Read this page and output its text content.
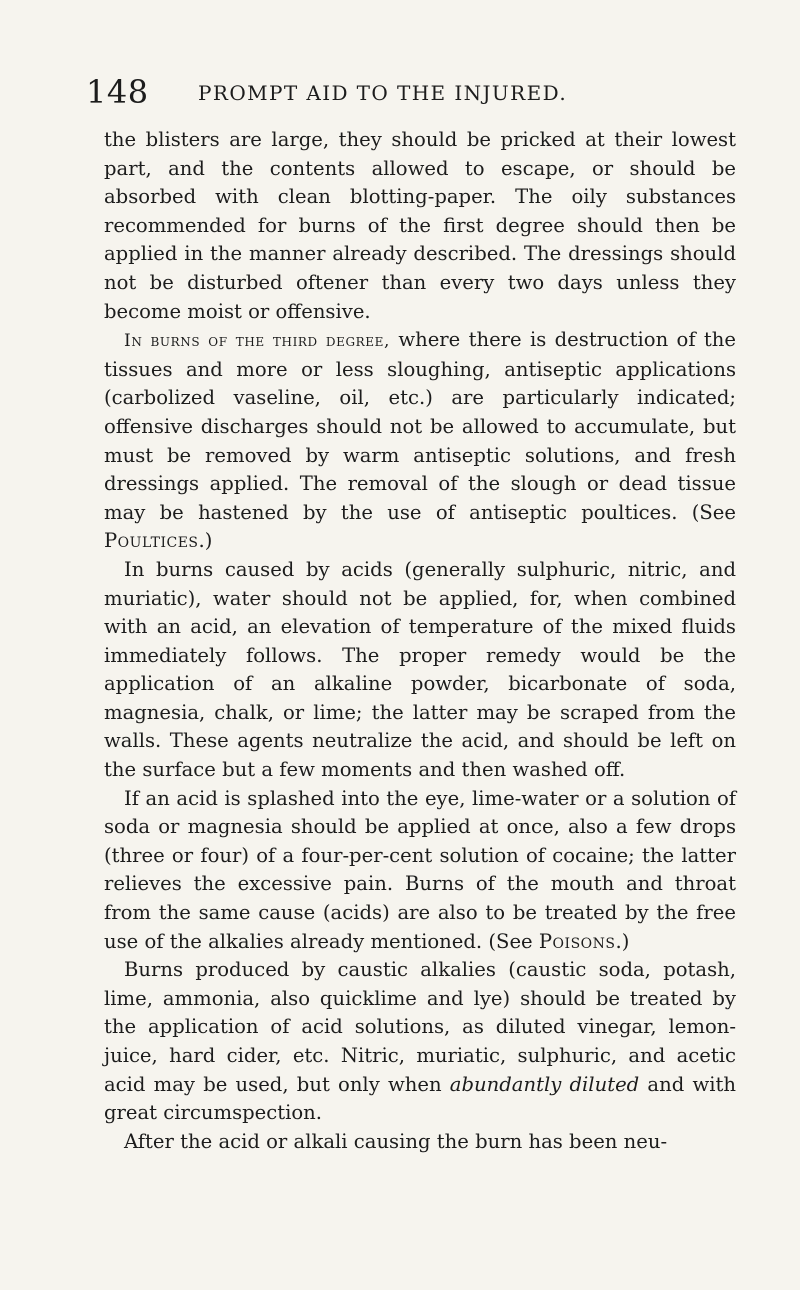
148 PROMPT AID TO THE INJURED.

the blisters are large, they should be pricked at their lowest part, and the contents allowed to escape, or should be absorbed with clean blotting-paper. The oily substances recommended for burns of the first degree should then be applied in the manner already described. The dressings should not be disturbed oftener than every two days unless they become moist or offensive.

In burns of the third degree, where there is destruction of the tissues and more or less sloughing, antiseptic applications (carbolized vaseline, oil, etc.) are particularly indicated; offensive discharges should not be allowed to accumulate, but must be removed by warm antiseptic solutions, and fresh dressings applied. The removal of the slough or dead tissue may be hastened by the use of antiseptic poultices. (See Poultices.)

In burns caused by acids (generally sulphuric, nitric, and muriatic), water should not be applied, for, when combined with an acid, an elevation of temperature of the mixed fluids immediately follows. The proper remedy would be the application of an alkaline powder, bicarbonate of soda, magnesia, chalk, or lime; the latter may be scraped from the walls. These agents neutralize the acid, and should be left on the surface but a few moments and then washed off.

If an acid is splashed into the eye, lime-water or a solution of soda or magnesia should be applied at once, also a few drops (three or four) of a four-per-cent solution of cocaine; the latter relieves the excessive pain. Burns of the mouth and throat from the same cause (acids) are also to be treated by the free use of the alkalies already mentioned. (See Poisons.)

Burns produced by caustic alkalies (caustic soda, potash, lime, ammonia, also quicklime and lye) should be treated by the application of acid solutions, as diluted vinegar, lemon-juice, hard cider, etc. Nitric, muriatic, sulphuric, and acetic acid may be used, but only when abundantly diluted and with great circumspection.

After the acid or alkali causing the burn has been neu-
